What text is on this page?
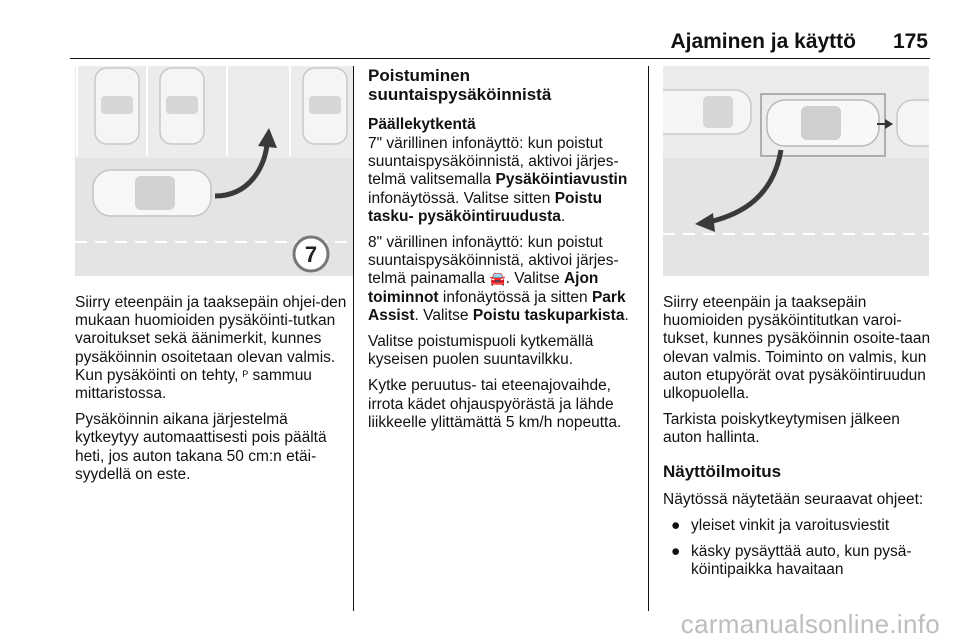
Ajaminen ja käyttö 175
7

Siirry eteenpäin ja taaksepäin ohjei-den mukaan huomioiden pysäköinti-tutkan varoitukset sekä äänimerkit, kunnes pysäköinnin osoitetaan olevan valmis. Kun pysäköinti on tehty, ᴾ sammuu mittaristossa.

Pysäköinnin aikana järjestelmä kytkeytyy automaattisesti pois päältä heti, jos auton takana 50 cm:n etäi-syydellä on este.

Poistuminen suuntaispysäköinnistä
Päällekytkentä

7" värillinen infonäyttö: kun poistut suuntaispysäköinnistä, aktivoi järjes-telmä valitsemalla Pysäköintiavustin infonäytössä. Valitse sitten Poistu tasku- pysäköintiruudusta.

8" värillinen infonäyttö: kun poistut suuntaispysäköinnistä, aktivoi järjes-telmä painamalla 🚘. Valitse Ajon toiminnot infonäytössä ja sitten Park Assist. Valitse Poistu taskuparkista.

Valitse poistumispuoli kytkemällä kyseisen puolen suuntavilkku.

Kytke peruutus- tai eteenajovaihde, irrota kädet ohjauspyörästä ja lähde liikkeelle ylittämättä 5 km/h nopeutta.

Siirry eteenpäin ja taaksepäin huomioiden pysäköintitutkan varoi-tukset, kunnes pysäköinnin osoite-taan olevan valmis. Toiminto on valmis, kun auton etupyörät ovat pysäköintiruudun ulkopuolella.

Tarkista poiskytkeytymisen jälkeen auton hallinta.

Näyttöilmoitus

Näytössä näytetään seuraavat ohjeet:

● yleiset vinkit ja varoitusviestit
● käsky pysäyttää auto, kun pysä-köintipaikka havaitaan
carmanualsonline.info
